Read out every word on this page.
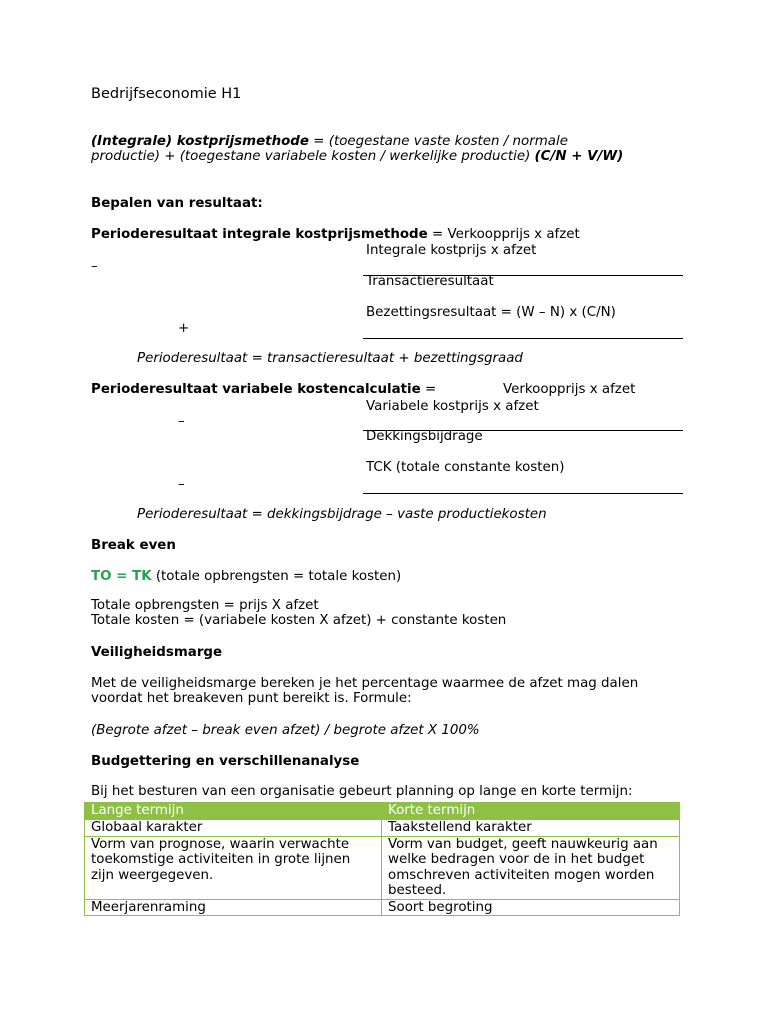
Bedrijfseconomie H1
(Integrale) kostprijsmethode = (toegestane vaste kosten / normale
productie) + (toegestane variabele kosten / werkelijke productie) (C/N + V/W)
Bepalen van resultaat:
Perioderesultaat integrale kostprijsmethode = Verkoopprijs x afzet
Integrale kostprijs x afzet
–
Transactieresultaat
Bezettingsresultaat = (W – N) x (C/N)
+
Perioderesultaat = transactieresultaat + bezettingsgraad
Perioderesultaat variabele kostencalculatie =	Verkoopprijs x afzet
Variabele kostprijs x afzet
–
Dekkingsbijdrage
TCK (totale constante kosten)
–
Perioderesultaat = dekkingsbijdrage – vaste productiekosten
Break even
TO = TK (totale opbrengsten = totale kosten)
Totale opbrengsten = prijs X afzet
Totale kosten = (variabele kosten X afzet) + constante kosten
Veiligheidsmarge
Met de veiligheidsmarge bereken je het percentage waarmee de afzet mag dalen
voordat het breakeven punt bereikt is. Formule:
(Begrote afzet – break even afzet) / begrote afzet X 100%
Budgettering en verschillenanalyse
Bij het besturen van een organisatie gebeurt planning op lange en korte termijn:
Lange termijn	Korte termijn
Globaal karakter	Taakstellend karakter
Vorm van prognose, waarin verwachte toekomstige activiteiten in grote lijnen zijn weergegeven.	Vorm van budget, geeft nauwkeurig aan welke bedragen voor de in het budget omschreven activiteiten mogen worden besteed.
Meerjarenraming	Soort begroting
